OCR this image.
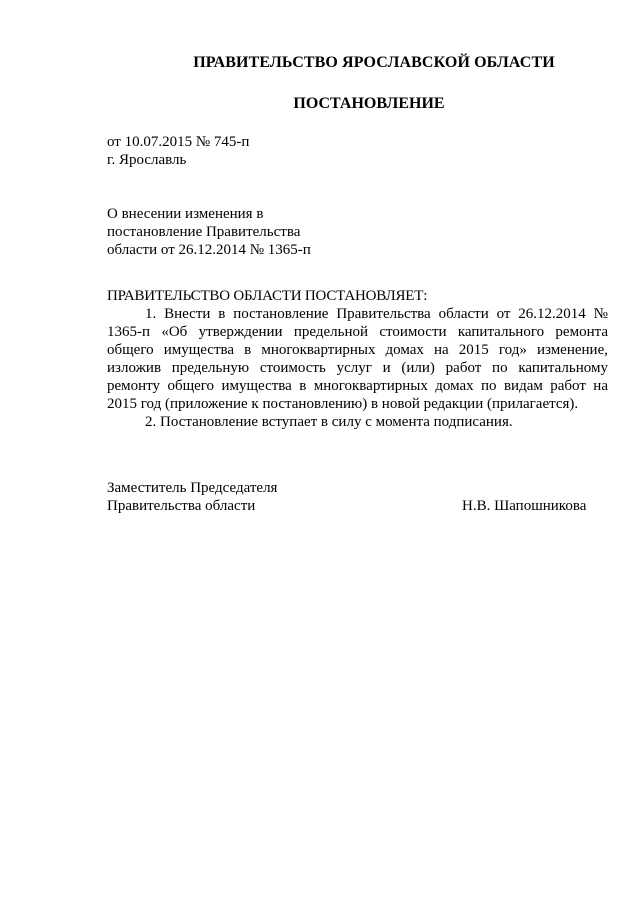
ПРАВИТЕЛЬСТВО ЯРОСЛАВСКОЙ ОБЛАСТИ
ПОСТАНОВЛЕНИЕ
от 10.07.2015 № 745-п
г. Ярославль
О внесении изменения в
постановление Правительства
области от 26.12.2014 № 1365-п

ПРАВИТЕЛЬСТВО ОБЛАСТИ ПОСТАНОВЛЯЕТ:

1. Внести в постановление Правительства области от 26.12.2014 № 1365-п «Об утверждении предельной стоимости капитального ремонта общего имущества в многоквартирных домах на 2015 год» изменение, изложив предельную стоимость услуг и (или) работ по капитальному ремонту общего имущества в многоквартирных домах по видам работ на 2015 год (приложение к постановлению) в новой редакции (прилагается).

2. Постановление вступает в силу с момента подписания.

Заместитель Председателя
Правительства области	Н.В. Шапошникова
